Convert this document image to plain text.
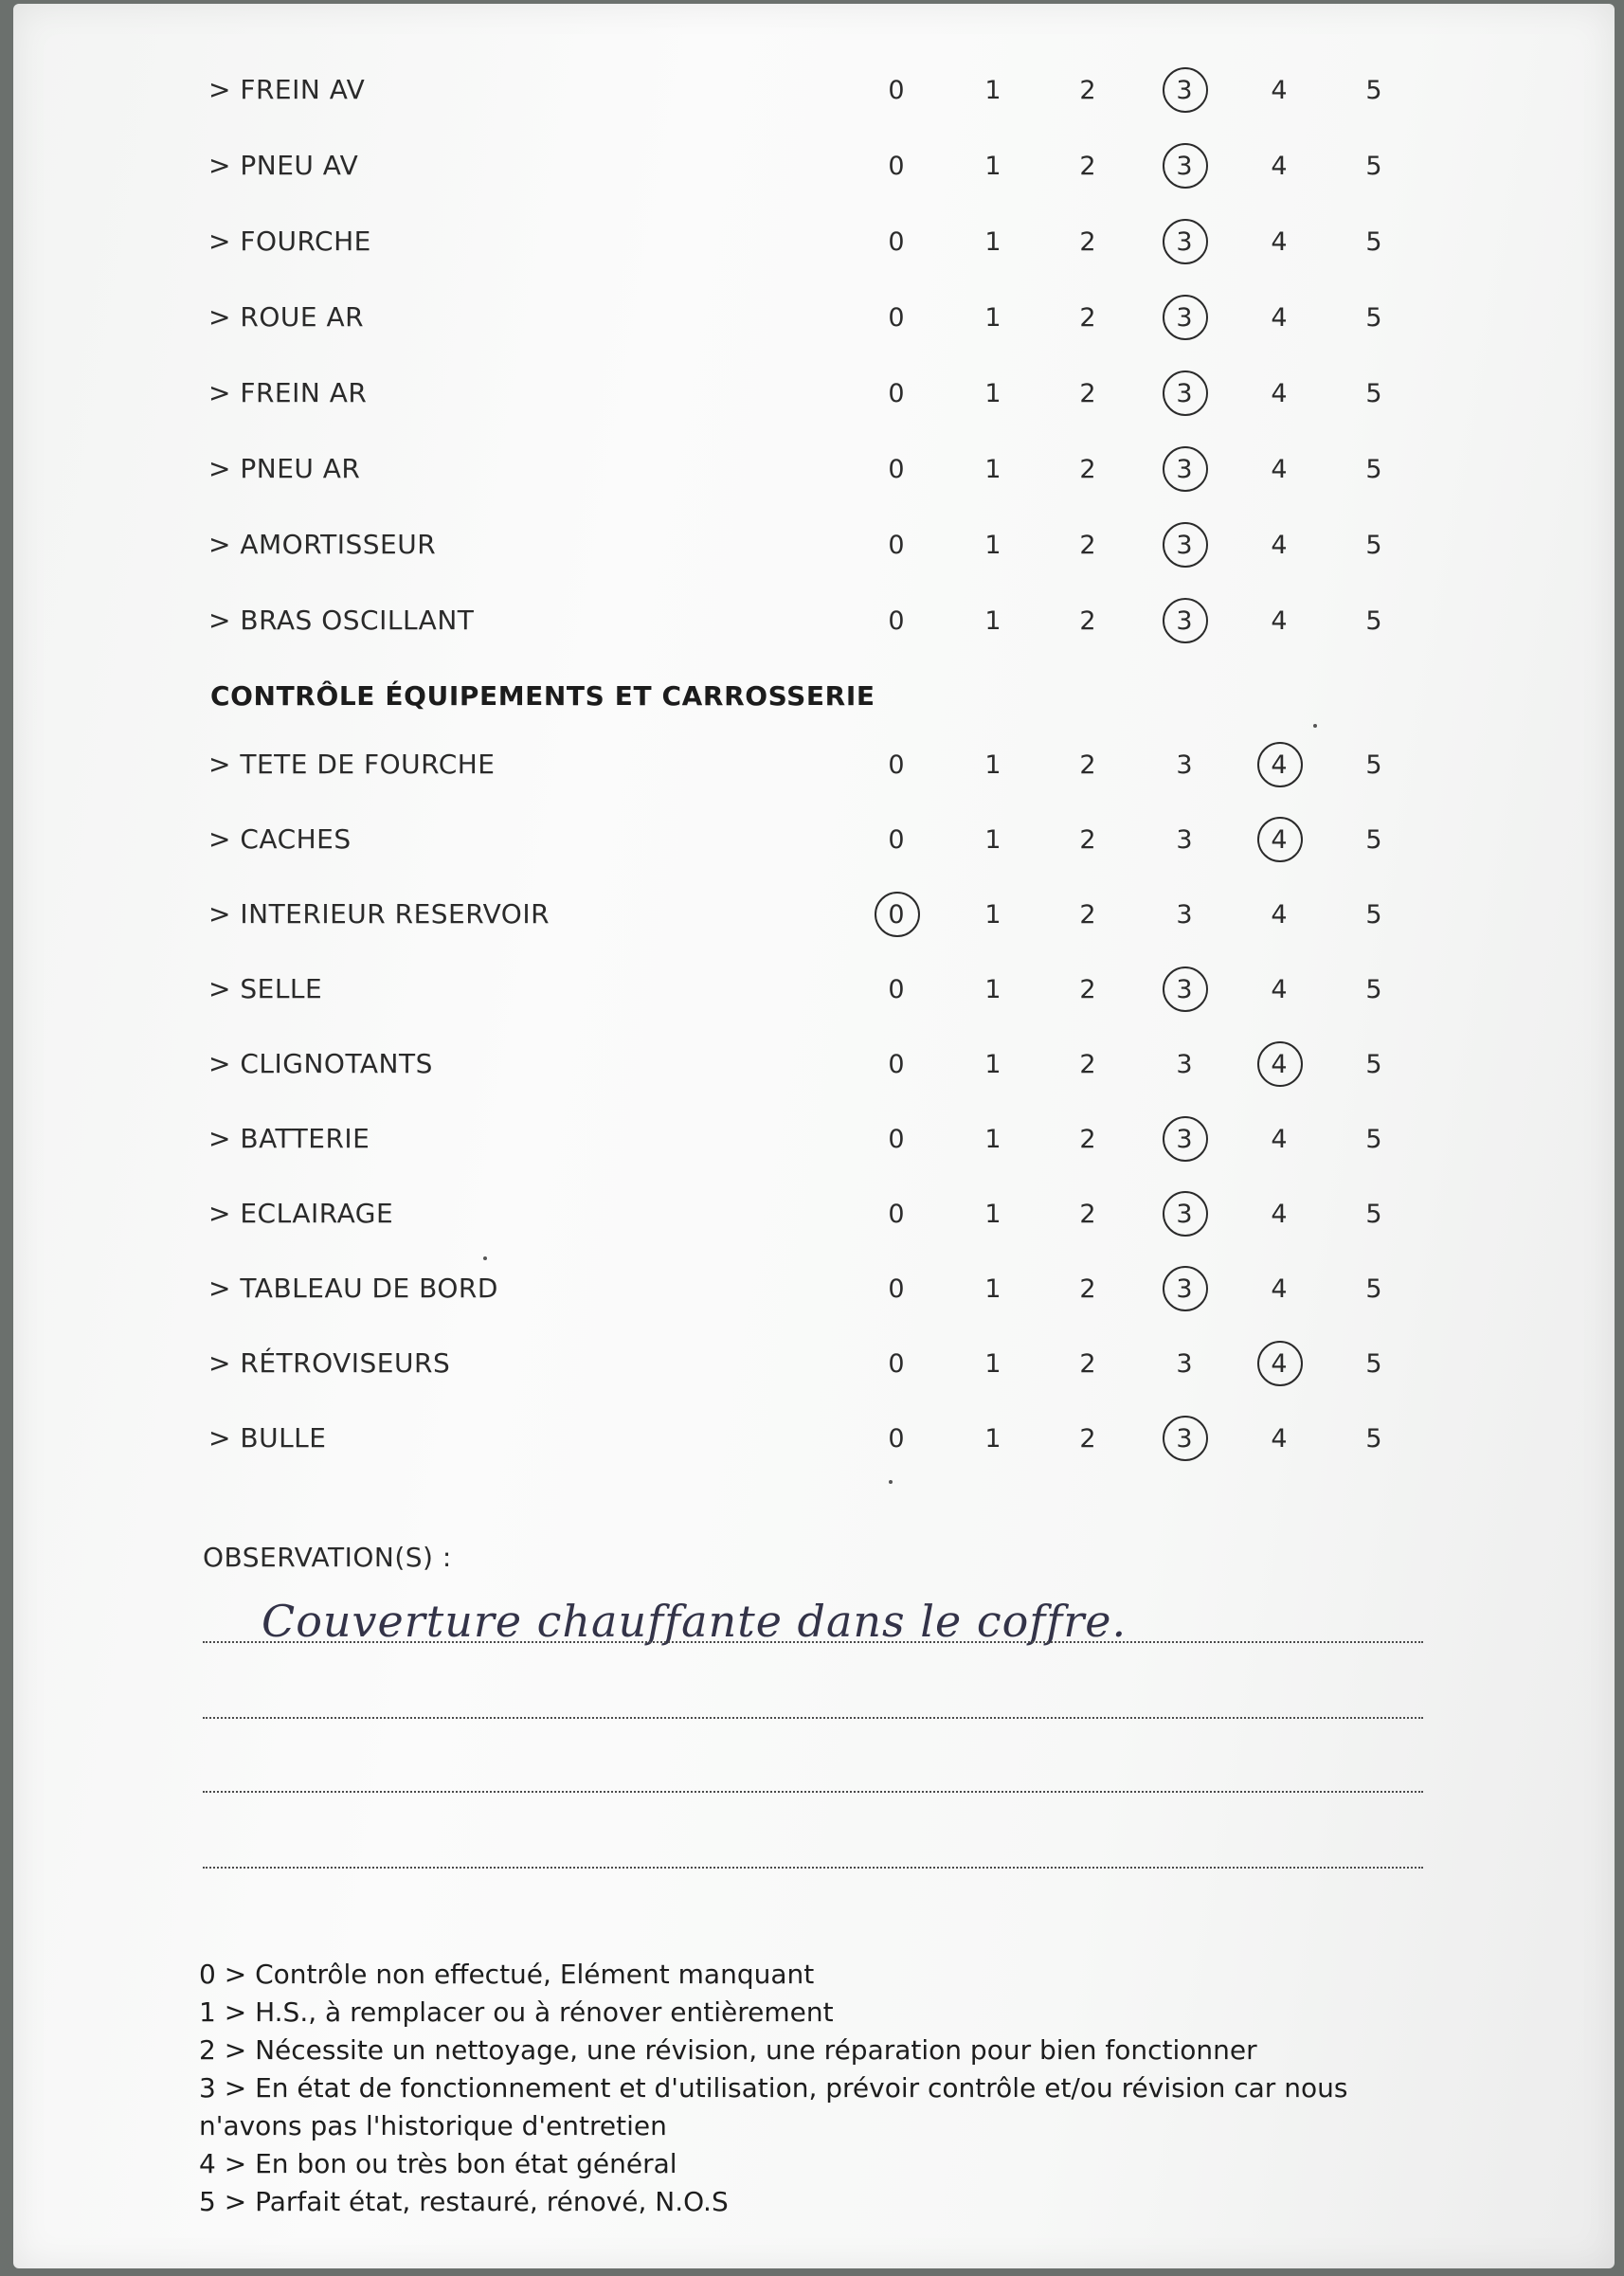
> FREIN AV	0	1	2	3	4	5
> PNEU AV	0	1	2	3	4	5
> FOURCHE	0	1	2	3	4	5
> ROUE AR	0	1	2	3	4	5
> FREIN AR	0	1	2	3	4	5
> PNEU AR	0	1	2	3	4	5
> AMORTISSEUR	0	1	2	3	4	5
> BRAS OSCILLANT	0	1	2	3	4	5
CONTRÔLE ÉQUIPEMENTS ET CARROSSERIE
> TETE DE FOURCHE	0	1	2	3	4	5
> CACHES	0	1	2	3	4	5
> INTERIEUR RESERVOIR	0	1	2	3	4	5
> SELLE	0	1	2	3	4	5
> CLIGNOTANTS	0	1	2	3	4	5
> BATTERIE	0	1	2	3	4	5
> ECLAIRAGE	0	1	2	3	4	5
> TABLEAU DE BORD	0	1	2	3	4	5
> RÉTROVISEURS	0	1	2	3	4	5
> BULLE	0	1	2	3	4	5
OBSERVATION(S) :
Couverture chauffante dans le coffre.
0 > Contrôle non effectué, Elément manquant
1 > H.S., à remplacer ou à rénover entièrement
2 > Nécessite un nettoyage, une révision, une réparation pour bien fonctionner
3 > En état de fonctionnement et d'utilisation, prévoir contrôle et/ou révision car nous n'avons pas l'historique d'entretien
4 > En bon ou très bon état général
5 > Parfait état, restauré, rénové, N.O.S
